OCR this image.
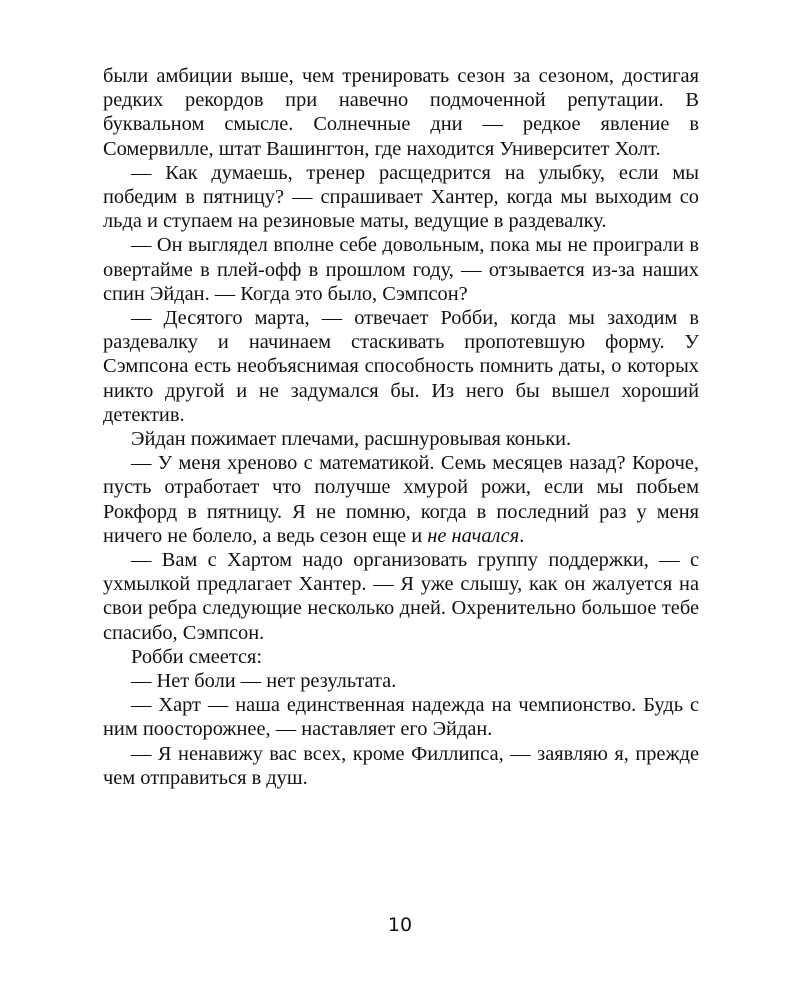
были амбиции выше, чем тренировать сезон за сезоном, достигая редких рекордов при навечно подмоченной репутации. В буквальном смысле. Солнечные дни — редкое явление в Сомервилле, штат Вашингтон, где находится Университет Холт.

— Как думаешь, тренер расщедрится на улыбку, если мы победим в пятницу? — спрашивает Хантер, когда мы выходим со льда и ступаем на резиновые маты, ведущие в раздевалку.

— Он выглядел вполне себе довольным, пока мы не проиграли в овертайме в плей-офф в прошлом году, — отзывается из-за наших спин Эйдан. — Когда это было, Сэмпсон?

— Десятого марта, — отвечает Робби, когда мы заходим в раздевалку и начинаем стаскивать пропотевшую форму. У Сэмпсона есть необъяснимая способность помнить даты, о которых никто другой и не задумался бы. Из него бы вышел хороший детектив.

Эйдан пожимает плечами, расшнуровывая коньки.

— У меня хреново с математикой. Семь месяцев назад? Короче, пусть отработает что получше хмурой рожи, если мы побьем Рокфорд в пятницу. Я не помню, когда в последний раз у меня ничего не болело, а ведь сезон еще и не начался.

— Вам с Хартом надо организовать группу поддержки, — с ухмылкой предлагает Хантер. — Я уже слышу, как он жалуется на свои ребра следующие несколько дней. Охренительно большое тебе спасибо, Сэмпсон.

Робби смеется:

— Нет боли — нет результата.

— Харт — наша единственная надежда на чемпионство. Будь с ним поосторожнее, — наставляет его Эйдан.

— Я ненавижу вас всех, кроме Филлипса, — заявляю я, прежде чем отправиться в душ.

10
